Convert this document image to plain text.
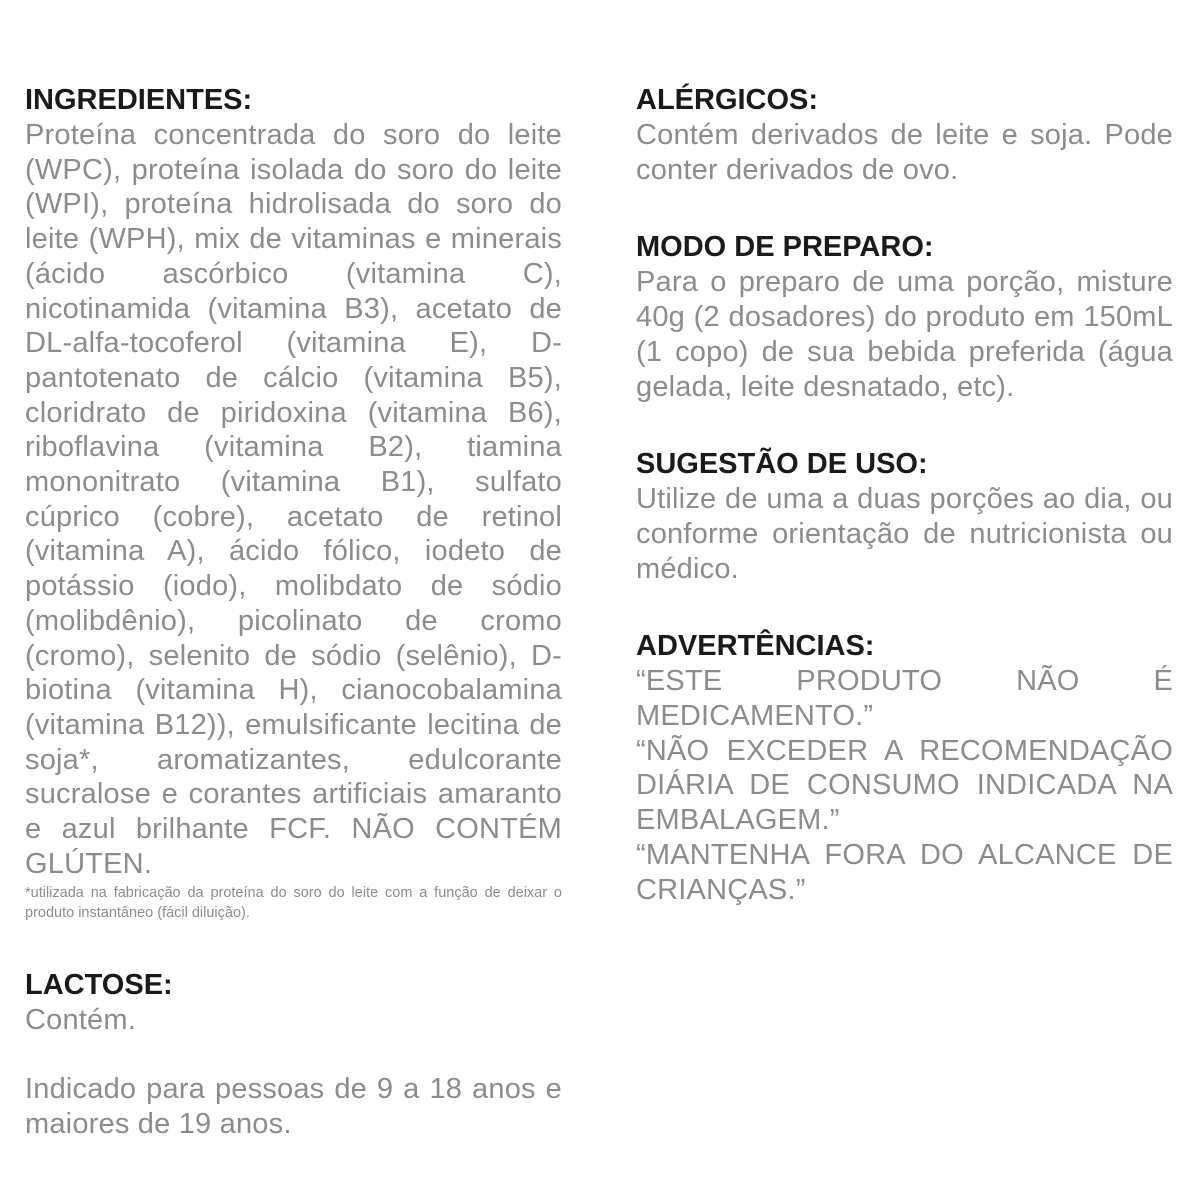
INGREDIENTES:

Proteína concentrada do soro do leite (WPC), proteína isolada do soro do leite (WPI), proteína hidrolisada do soro do leite (WPH), mix de vitaminas e minerais (ácido ascórbico (vitamina C), nicotinamida (vitamina B3), acetato de DL-alfa-tocoferol (vitamina E), D-pantotenato de cálcio (vitamina B5), cloridrato de piridoxina (vitamina B6), riboflavina (vitamina B2), tiamina mononitrato (vitamina B1), sulfato cúprico (cobre), acetato de retinol (vitamina A), ácido fólico, iodeto de potássio (iodo), molibdato de sódio (molibdênio), picolinato de cromo (cromo), selenito de sódio (selênio), D-biotina (vitamina H), cianocobalamina (vitamina B12)), emulsificante lecitina de soja*, aromatizantes, edulcorante sucralose e corantes artificiais amaranto e azul brilhante FCF. NÃO CONTÉM GLÚTEN.

*utilizada na fabricação da proteína do soro do leite com a função de deixar o produto instantâneo (fácil diluição).

LACTOSE:

Contém.

Indicado para pessoas de 9 a 18 anos e maiores de 19 anos.

ALÉRGICOS:

Contém derivados de leite e soja. Pode conter derivados de ovo.

MODO DE PREPARO:

Para o preparo de uma porção, misture 40g (2 dosadores) do produto em 150mL (1 copo) de sua bebida preferida (água gelada, leite desnatado, etc).

SUGESTÃO DE USO:

Utilize de uma a duas porções ao dia, ou conforme orientação de nutricionista ou médico.

ADVERTÊNCIAS:

“ESTE PRODUTO NÃO É MEDICAMENTO.”
“NÃO EXCEDER A RECOMENDAÇÃO DIÁRIA DE CONSUMO INDICADA NA EMBALAGEM.”
“MANTENHA FORA DO ALCANCE DE CRIANÇAS.”
